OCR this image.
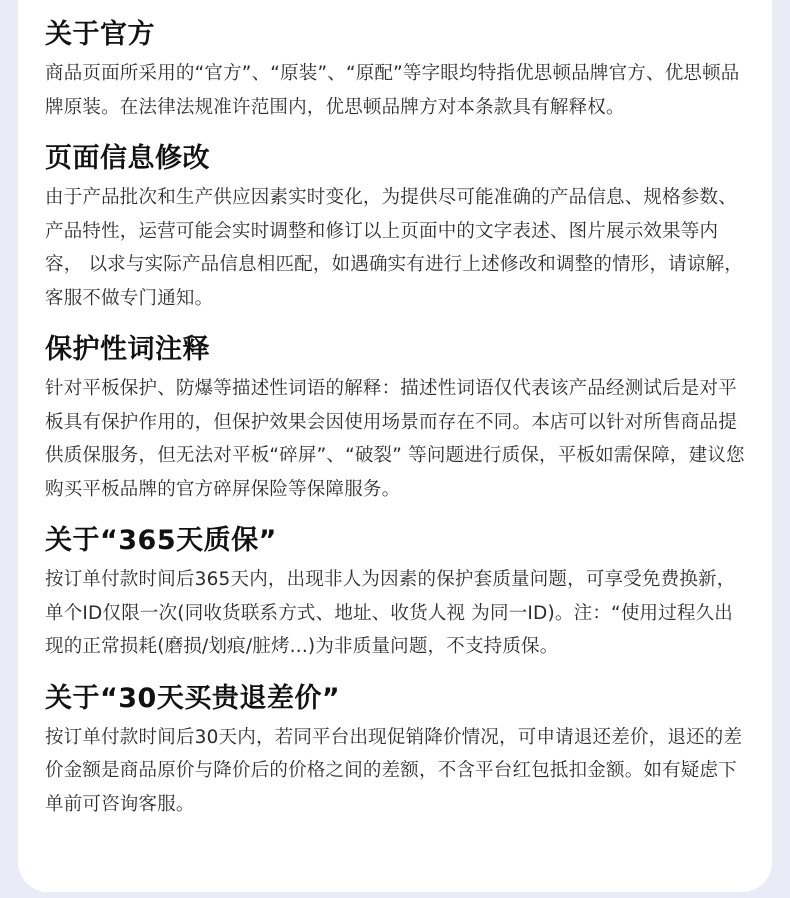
关于官方

商品页面所采用的“官方”、“原装”、“原配”等字眼均特指优思顿品牌官方、优思顿品牌原装。在法律法规准许范围内，优思顿品牌方对本条款具有解释权。

页面信息修改

由于产品批次和生产供应因素实时变化，为提供尽可能准确的产品信息、规格参数、产品特性，运营可能会实时调整和修订以上页面中的文字表述、图片展示效果等内容， 以求与实际产品信息相匹配，如遇确实有进行上述修改和调整的情形，请谅解，客服不做专门通知。

保护性词注释

针对平板保护、防爆等描述性词语的解释：描述性词语仅代表该产品经测试后是对平板具有保护作用的，但保护效果会因使用场景而存在不同。本店可以针对所售商品提供质保服务，但无法对平板“碎屏”、“破裂” 等问题进行质保，平板如需保障，建议您购买平板品牌的官方碎屏保险等保障服务。

关于“365天质保”

按订单付款时间后365天内，出现非人为因素的保护套质量问题，可享受免费换新，单个ID仅限一次(同收货联系方式、地址、收货人视 为同一ID)。注：“使用过程久出现的正常损耗(磨损/划痕/脏烤...)为非质量问题，不支持质保。

关于“30天买贵退差价”

按订单付款时间后30天内，若同平台出现促销降价情况，可申请退还差价，退还的差价金额是商品原价与降价后的价格之间的差额，不含平台红包抵扣金额。如有疑虑下单前可咨询客服。
